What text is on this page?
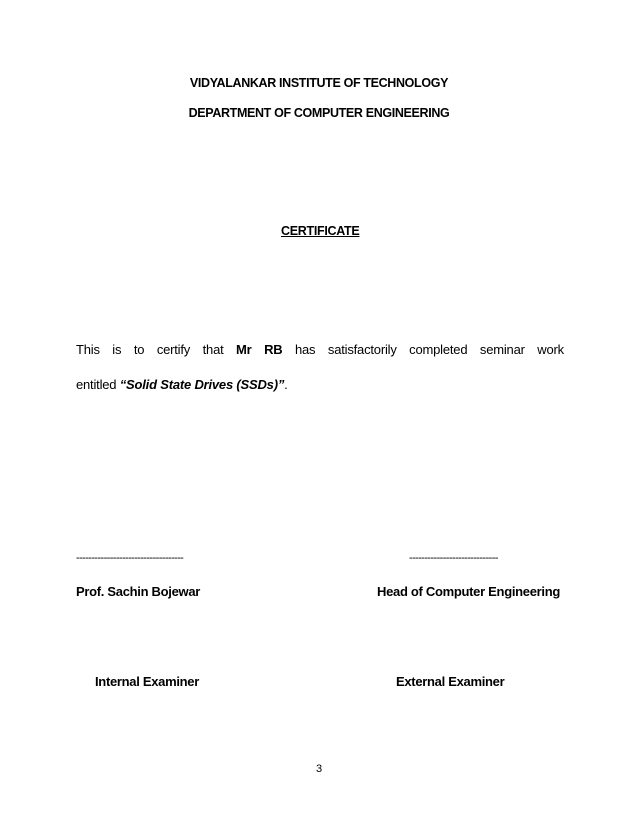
VIDYALANKAR INSTITUTE OF TECHNOLOGY
DEPARTMENT OF COMPUTER ENGINEERING
CERTIFICATE
This is to certify that Mr RB has satisfactorily completed seminar work
entitled “Solid State Drives (SSDs)”.
-----------------------------------	-----------------------------
Prof. Sachin Bojewar	Head of Computer Engineering
Internal Examiner	External Examiner
3
